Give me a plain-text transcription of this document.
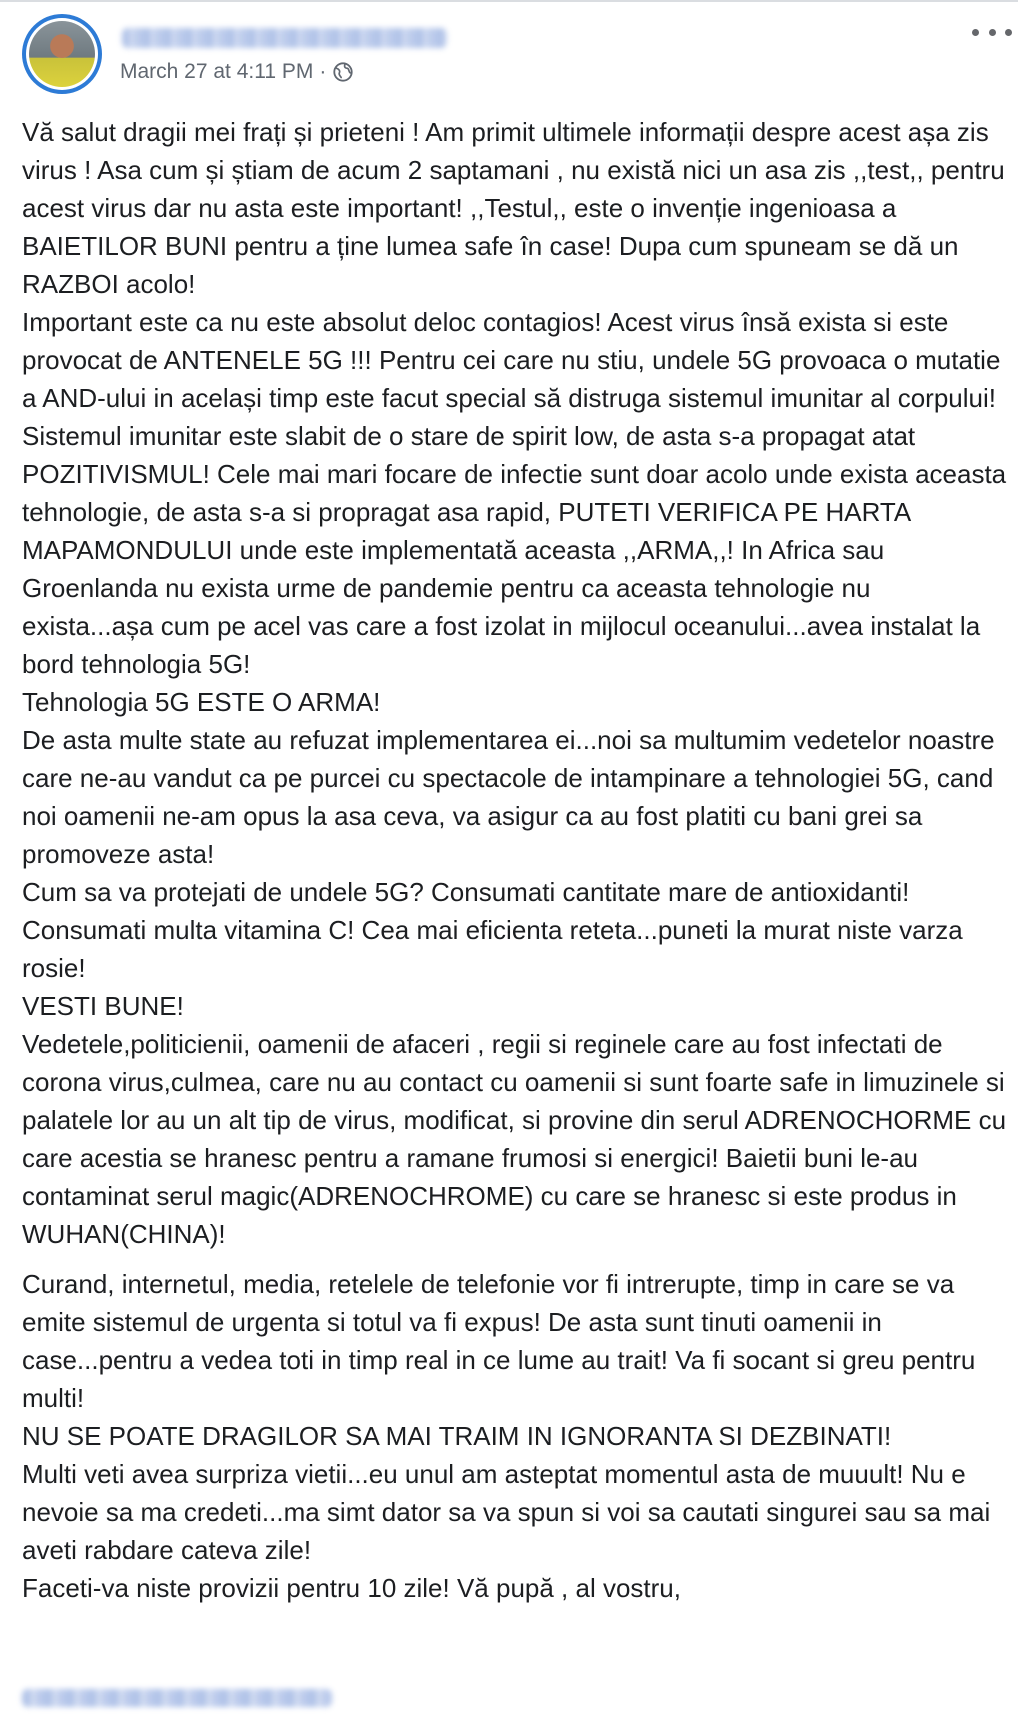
March 27 at 4:11 PM ·

Vă salut dragii mei frați și prieteni ! Am primit ultimele informații despre acest așa zis virus ! Asa cum și știam de acum 2 saptamani , nu există nici un asa zis ,,test,, pentru acest virus dar nu asta este important! ,,Testul,, este o invenție ingenioasa a BAIETILOR BUNI pentru a ține lumea safe în case! Dupa cum spuneam se dă un RAZBOI acolo!
Important este ca nu este absolut deloc contagios! Acest virus însă exista si este provocat de ANTENELE 5G !!! Pentru cei care nu stiu, undele 5G provoaca o mutatie a AND-ului in același timp este facut special să distruga sistemul imunitar al corpului! Sistemul imunitar este slabit de o stare de spirit low, de asta s-a propagat atat POZITIVISMUL! Cele mai mari focare de infectie sunt doar acolo unde exista aceasta tehnologie, de asta s-a si propragat asa rapid, PUTETI VERIFICA PE HARTA MAPAMONDULUI unde este implementată aceasta ,,ARMA,,! In Africa sau Groenlanda nu exista urme de pandemie pentru ca aceasta tehnologie nu exista...așa cum pe acel vas care a fost izolat in mijlocul oceanului...avea instalat la bord tehnologia 5G!
Tehnologia 5G ESTE O ARMA!
De asta multe state au refuzat implementarea ei...noi sa multumim vedetelor noastre care ne-au vandut ca pe purcei cu spectacole de intampinare a tehnologiei 5G, cand noi oamenii ne-am opus la asa ceva, va asigur ca au fost platiti cu bani grei sa promoveze asta!
Cum sa va protejati de undele 5G? Consumati cantitate mare de antioxidanti! Consumati multa vitamina C! Cea mai eficienta reteta...puneti la murat niste varza rosie!
VESTI BUNE!
Vedetele,politicienii, oamenii de afaceri , regii si reginele care au fost infectati de corona virus,culmea, care nu au contact cu oamenii si sunt foarte safe in limuzinele si palatele lor au un alt tip de virus, modificat, si provine din serul ADRENOCHORME cu care acestia se hranesc pentru a ramane frumosi si energici! Baietii buni le-au contaminat serul magic(ADRENOCHROME) cu care se hranesc si este produs in WUHAN(CHINA)!

Curand, internetul, media, retelele de telefonie vor fi intrerupte, timp in care se va emite sistemul de urgenta si totul va fi expus! De asta sunt tinuti oamenii in case...pentru a vedea toti in timp real in ce lume au trait! Va fi socant si greu pentru multi!
NU SE POATE DRAGILOR SA MAI TRAIM IN IGNORANTA SI DEZBINATI!
Multi veti avea surpriza vietii...eu unul am asteptat momentul asta de muuult! Nu e nevoie sa ma credeti...ma simt dator sa va spun si voi sa cautati singurei sau sa mai aveti rabdare cateva zile!
Faceti-va niste provizii pentru 10 zile! Vă pupă , al vostru,
